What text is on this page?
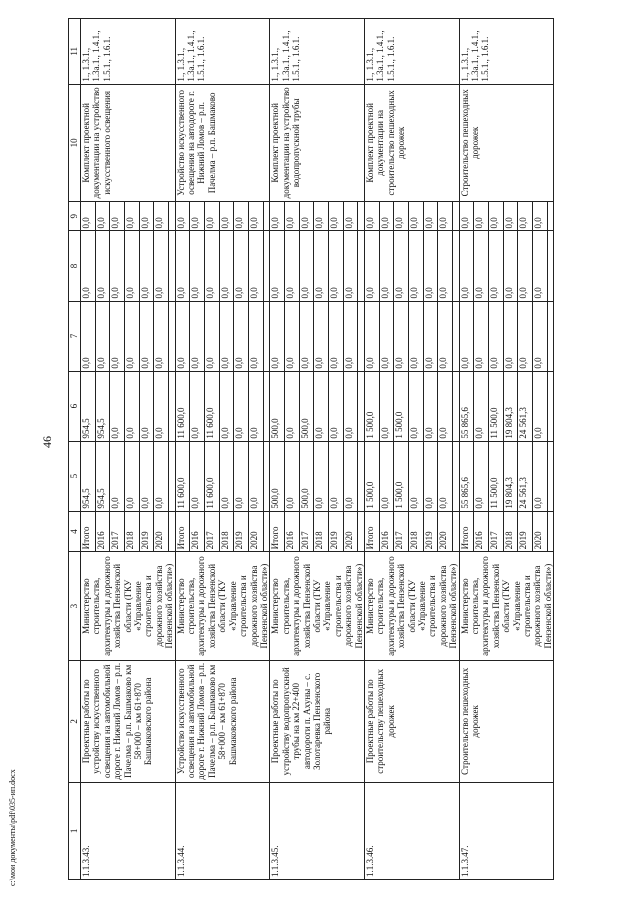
46
c:\мои документы\pdf\035-ип.docx	1	2	3	4	5	6	7	8	9	10	11
1.1.3.43.	Проектные работы по устройству искусственного освещения на автомобильной дороге г. Нижний Ломов – р.п. Пачелма – р.п. Башмаково км 58+000 – км 61+870 Башмаковского района	Министерство строительства, архитектуры и дорожного хозяйства Пензенской области (ГКУ «Управление строительства и дорожного хозяйства Пензенской области»)	Итого	954,5	954,5	0,0	0,0	0,0	Комплект проектной документации на устройство искусственного освещения	1., 1.3.1., 1.3а.1., 1.4.1., 1.5.1., 1.6.1.
			2016	954,5	954,5	0,0	0,0	0,0		
			2017	0,0	0,0	0,0	0,0	0,0		
			2018	0,0	0,0	0,0	0,0	0,0		
			2019	0,0	0,0	0,0	0,0	0,0		
			2020	0,0	0,0	0,0	0,0	0,0		

1.1.3.44.	Устройство искусственного освещения на автомобильной дороге г. Нижний Ломов – р.п. Пачелма – р.п. Башмаково км 58+000 – км 61+870 Башмаковского района	Министерство строительства, архитектуры и дорожного хозяйства Пензенской области (ГКУ «Управление строительства и дорожного хозяйства Пензенской области»)	Итого	11 600,0	11 600,0	0,0	0,0	0,0	Устройство искусственного освещения на автодороге г. Нижний Ломов – р.п. Пачелма – р.п. Башмаково	1., 1.3.1., 1.3а.1., 1.4.1., 1.5.1., 1.6.1.
			2016	0,0	0,0	0,0	0,0	0,0		
			2017	11 600,0	11 600,0	0,0	0,0	0,0		
			2018	0,0	0,0	0,0	0,0	0,0		
			2019	0,0	0,0	0,0	0,0	0,0		
			2020	0,0	0,0	0,0	0,0	0,0		

1.1.3.45.	Проектные работы по устройству водопропускной трубы на км 22+400 автодороги п. Ахуны – с. Золотаревка Пензенского района	Министерство строительства, архитектуры и дорожного хозяйства Пензенской области (ГКУ «Управление строительства и дорожного хозяйства Пензенской области»)	Итого	500,0	500,0	0,0	0,0	0,0	Комплект проектной документации на устройство водопропускной трубы	1., 1.3.1., 1.3а.1., 1.4.1., 1.5.1., 1.6.1.
			2016	0,0	0,0	0,0	0,0	0,0		
			2017	500,0	500,0	0,0	0,0	0,0		
			2018	0,0	0,0	0,0	0,0	0,0		
			2019	0,0	0,0	0,0	0,0	0,0		
			2020	0,0	0,0	0,0	0,0	0,0		

1.1.3.46.	Проектные работы по строительству пешеходных дорожек	Министерство строительства, архитектуры и дорожного хозяйства Пензенской области (ГКУ «Управление строительства и дорожного хозяйства Пензенской области»)	Итого	1 500,0	1 500,0	0,0	0,0	0,0	Комплект проектной документации на строительство пешеходных дорожек	1., 1.3.1., 1.3а.1., 1.4.1., 1.5.1., 1.6.1.
			2016	0,0	0,0	0,0	0,0	0,0		
			2017	1 500,0	1 500,0	0,0	0,0	0,0		
			2018	0,0	0,0	0,0	0,0	0,0		
			2019	0,0	0,0	0,0	0,0	0,0		
			2020	0,0	0,0	0,0	0,0	0,0		

1.1.3.47.	Строительство пешеходных дорожек	Министерство строительства, архитектуры и дорожного хозяйства Пензенской области (ГКУ «Управление строительства и дорожного хозяйства Пензенской области»)	Итого	55 865,6	55 865,6	0,0	0,0	0,0	Строительство пешеходных дорожек	1., 1.3.1., 1.3а.1., 1.4.1., 1.5.1., 1.6.1.
			2016	0,0	0,0	0,0	0,0	0,0		
			2017	11 500,0	11 500,0	0,0	0,0	0,0		
			2018	19 804,3	19 804,3	0,0	0,0	0,0		
			2019	24 561,3	24 561,3	0,0	0,0	0,0		
			2020	0,0	0,0	0,0	0,0	0,0		
